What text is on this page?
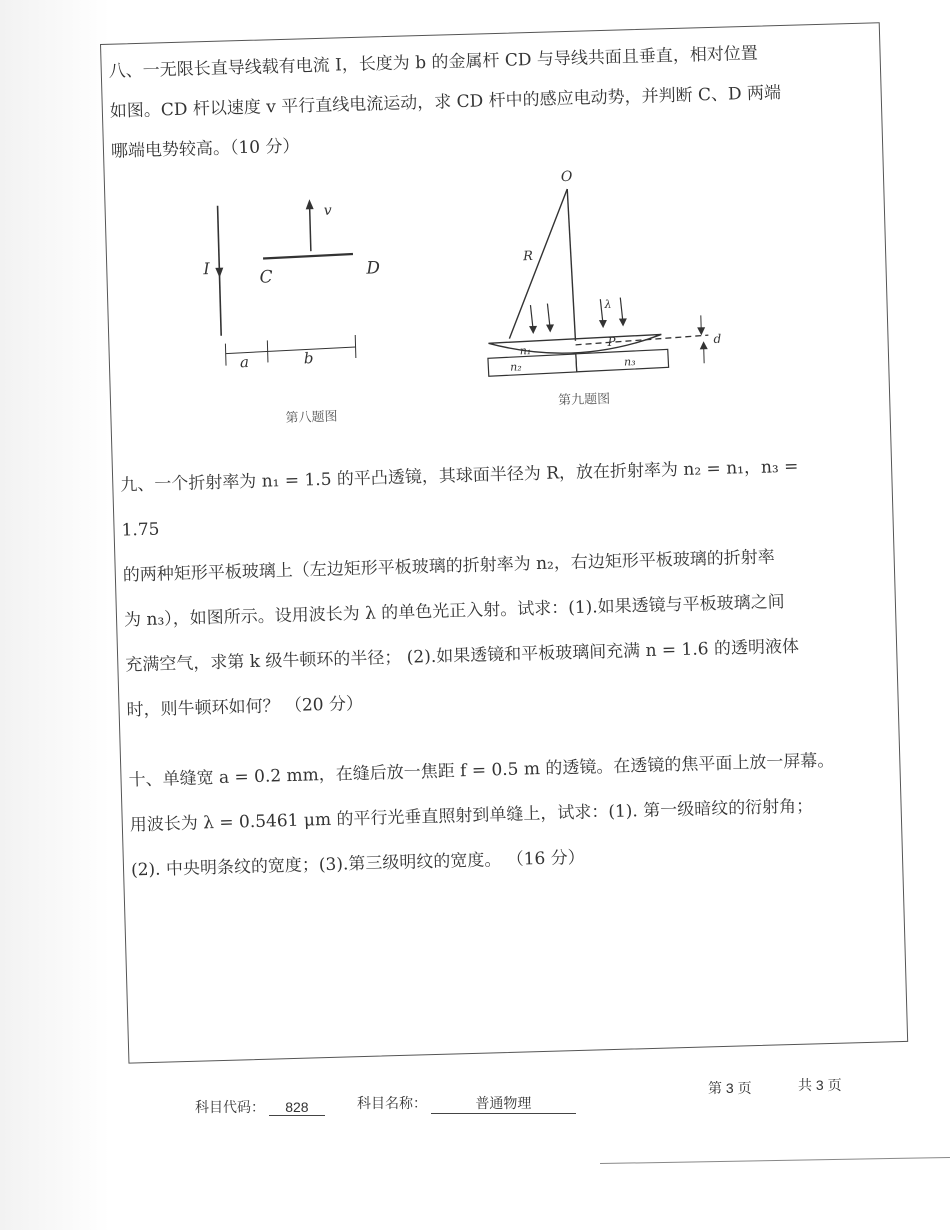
八、一无限长直导线载有电流 I，长度为 b 的金属杆 CD 与导线共面且垂直，相对位置

如图。CD 杆以速度 v 平行直线电流运动，求 CD 杆中的感应电动势，并判断 C、D 两端

哪端电势较高。（10 分）

I
v
C	D
a	b
第八题图
O
R
λ
n₁
P
n₂	n₃
d
第九题图

九、一个折射率为 n₁ = 1.5 的平凸透镜，其球面半径为 R，放在折射率为 n₂ = n₁，n₃ = 1.75

的两种矩形平板玻璃上（左边矩形平板玻璃的折射率为 n₂，右边矩形平板玻璃的折射率

为 n₃），如图所示。设用波长为 λ 的单色光正入射。试求：(1).如果透镜与平板玻璃之间

充满空气，求第 k 级牛顿环的半径； (2).如果透镜和平板玻璃间充满 n = 1.6 的透明液体

时，则牛顿环如何？ （20 分）

十、单缝宽 a = 0.2 mm，在缝后放一焦距 f = 0.5 m 的透镜。在透镜的焦平面上放一屏幕。

用波长为 λ = 0.5461 μm 的平行光垂直照射到单缝上，试求：(1). 第一级暗纹的衍射角；

(2). 中央明条纹的宽度；(3).第三级明纹的宽度。 （16 分）

科目代码： 828	科目名称：	普通物理
第 3 页	共 3 页
